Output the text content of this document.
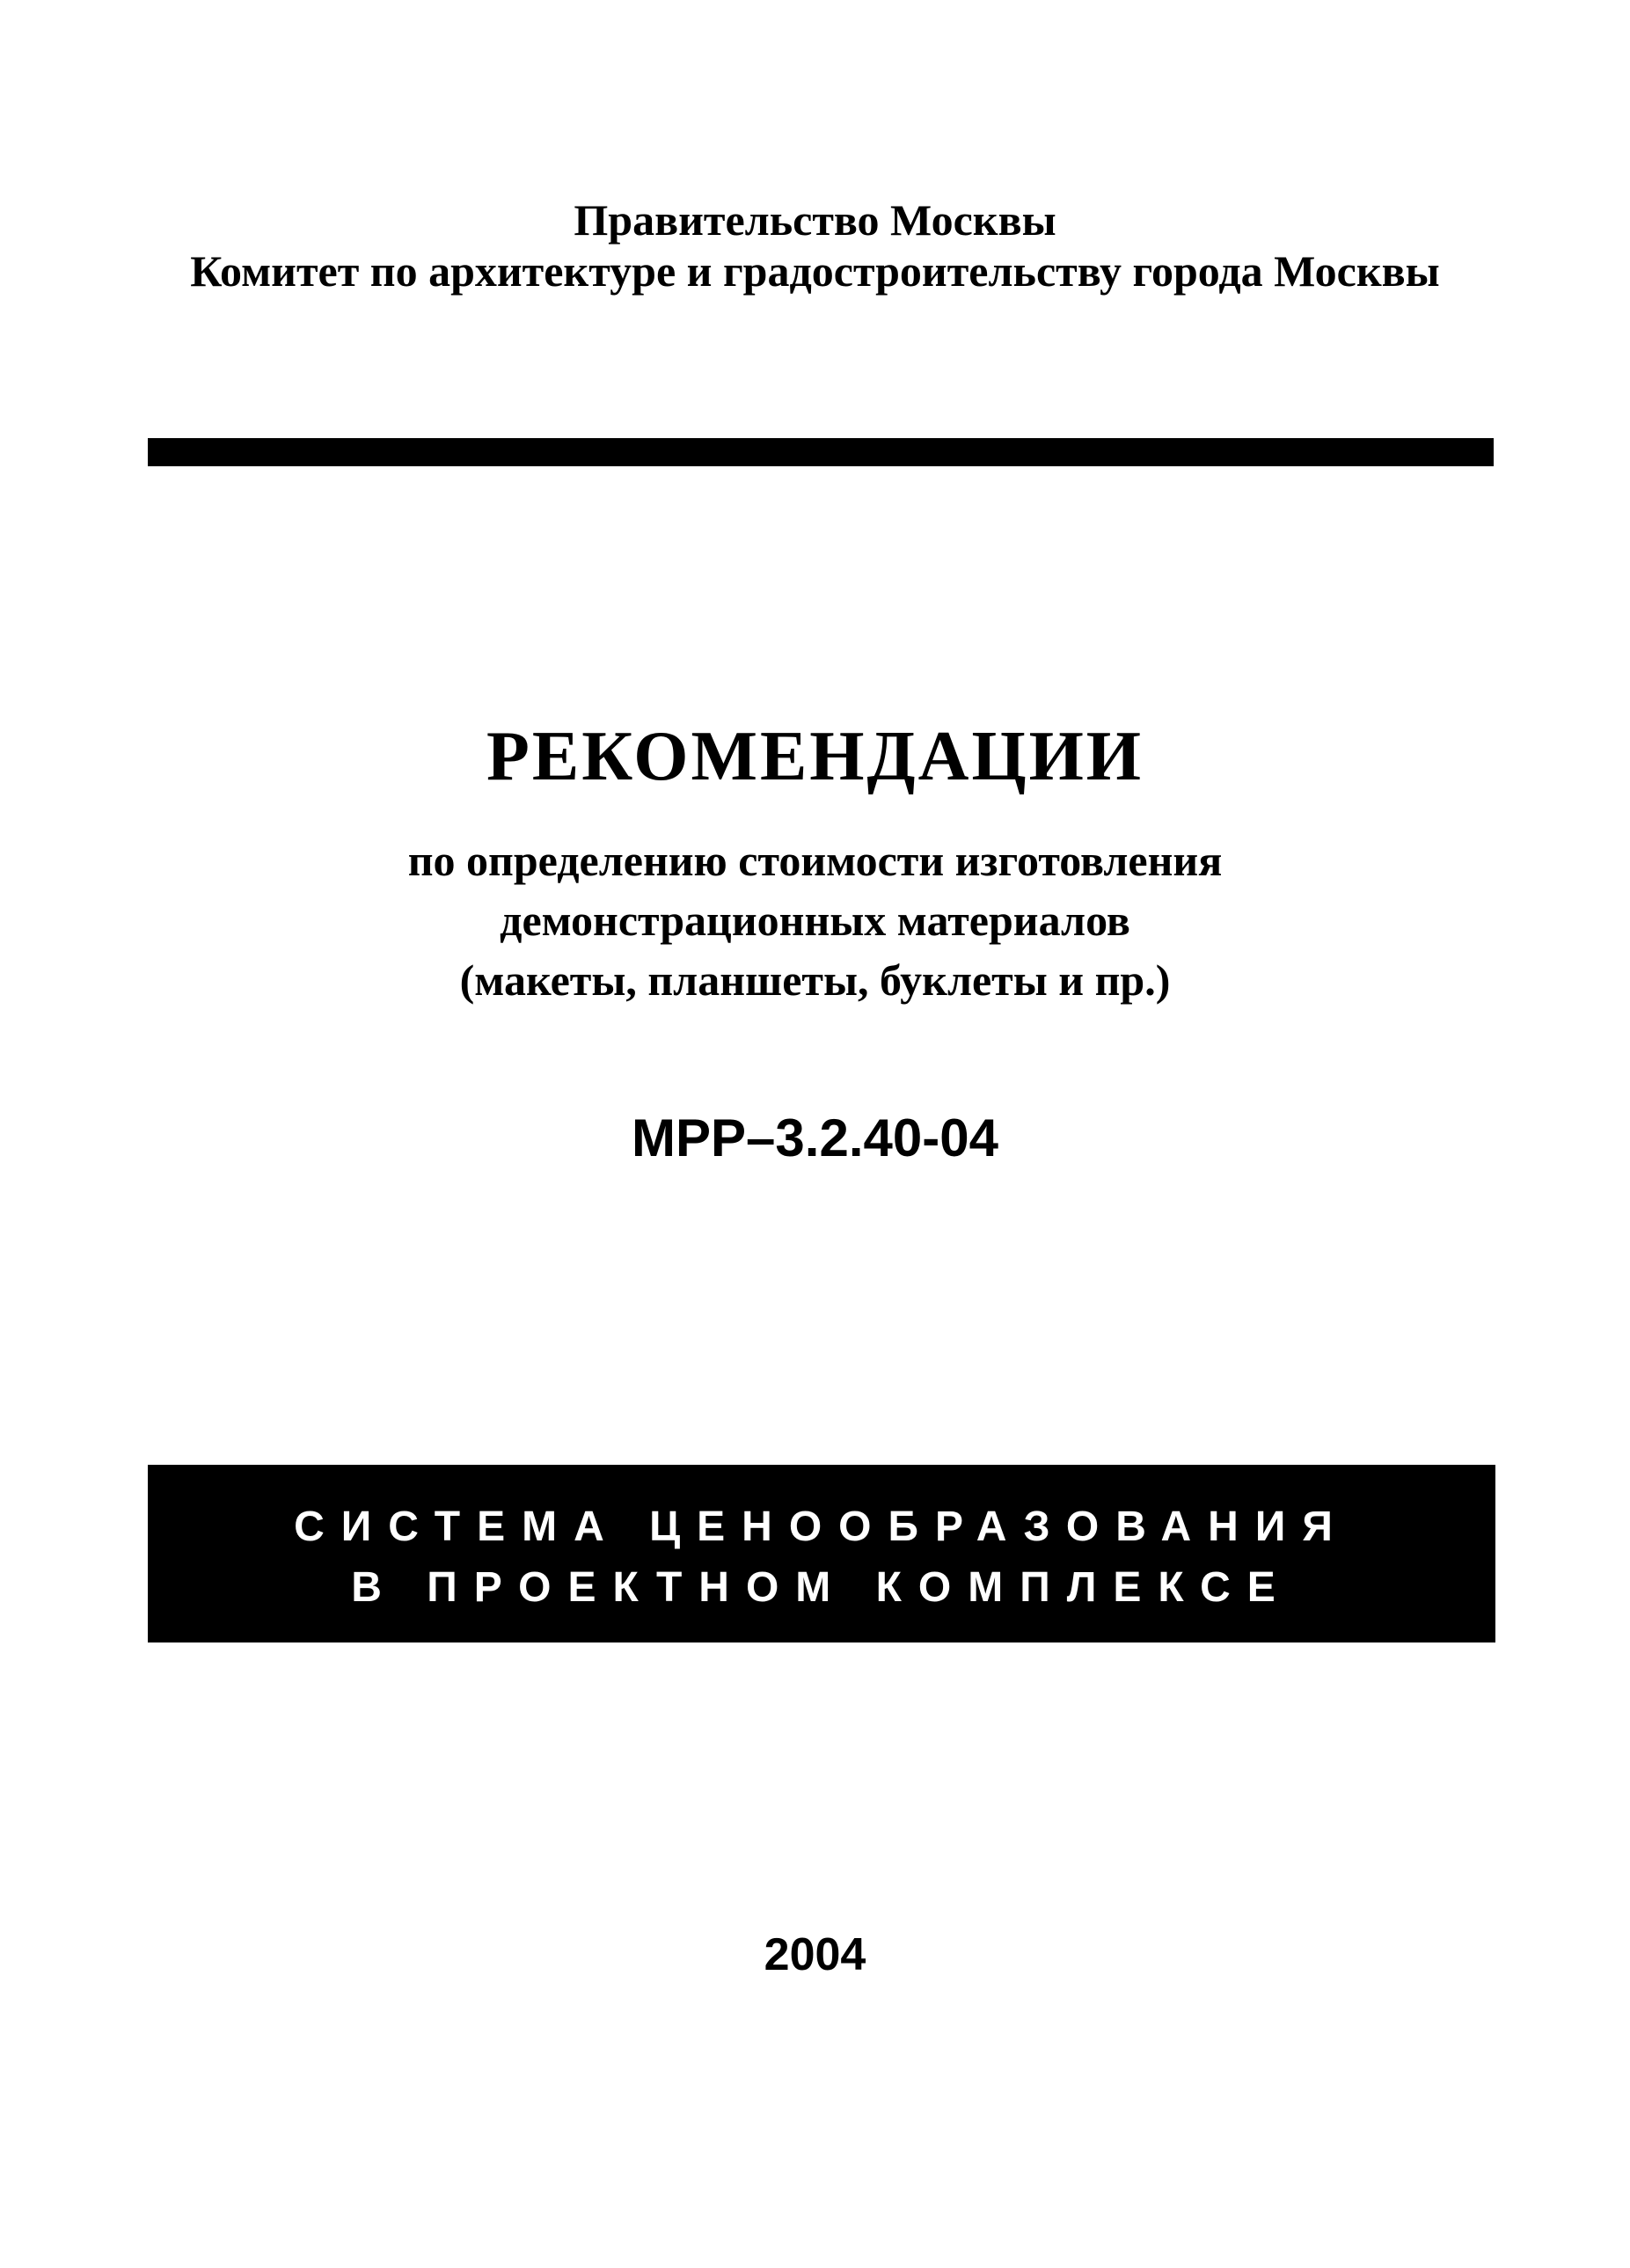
Правительство Москвы

Комитет по архитектуре и градостроительству города Москвы

РЕКОМЕНДАЦИИ

по определению стоимости изготовления

демонстрационных материалов

(макеты, планшеты, буклеты и пр.)

МРР–3.2.40-04

СИСТЕМА ЦЕНООБРАЗОВАНИЯ
В ПРОЕКТНОМ КОМПЛЕКСЕ

2004
